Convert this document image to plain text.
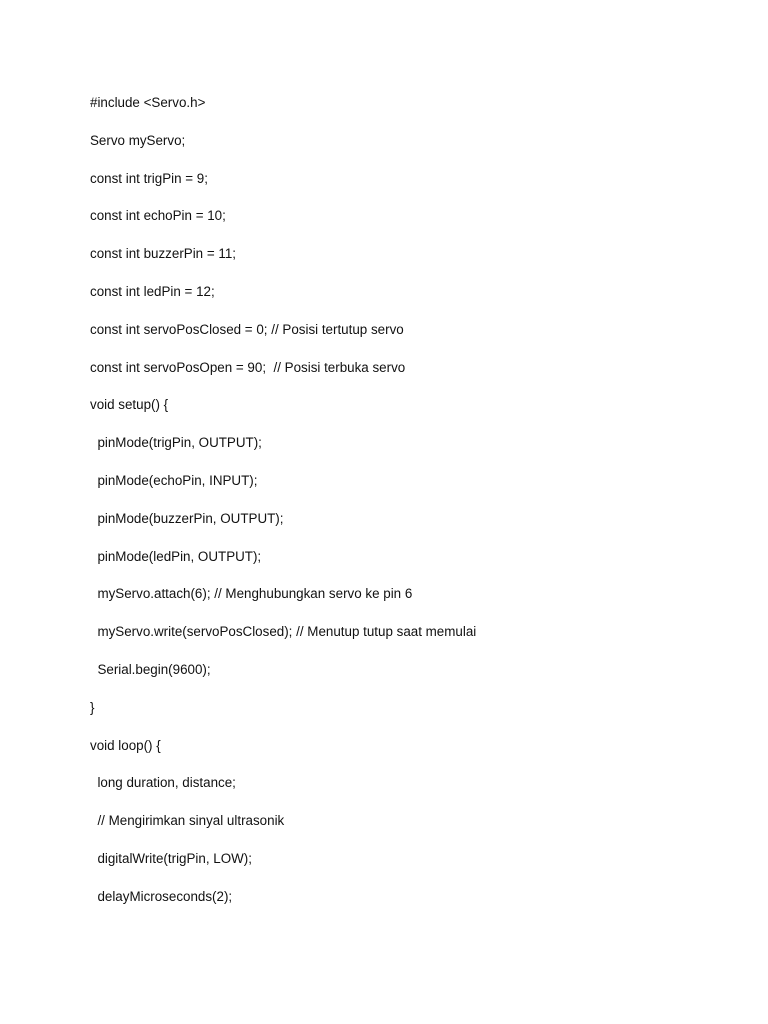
#include <Servo.h>
Servo myServo;
const int trigPin = 9;
const int echoPin = 10;
const int buzzerPin = 11;
const int ledPin = 12;
const int servoPosClosed = 0; // Posisi tertutup servo
const int servoPosOpen = 90;  // Posisi terbuka servo
void setup() {
pinMode(trigPin, OUTPUT);
pinMode(echoPin, INPUT);
pinMode(buzzerPin, OUTPUT);
pinMode(ledPin, OUTPUT);
myServo.attach(6); // Menghubungkan servo ke pin 6
myServo.write(servoPosClosed); // Menutup tutup saat memulai
Serial.begin(9600);
}
void loop() {
long duration, distance;
// Mengirimkan sinyal ultrasonik
digitalWrite(trigPin, LOW);
delayMicroseconds(2);
